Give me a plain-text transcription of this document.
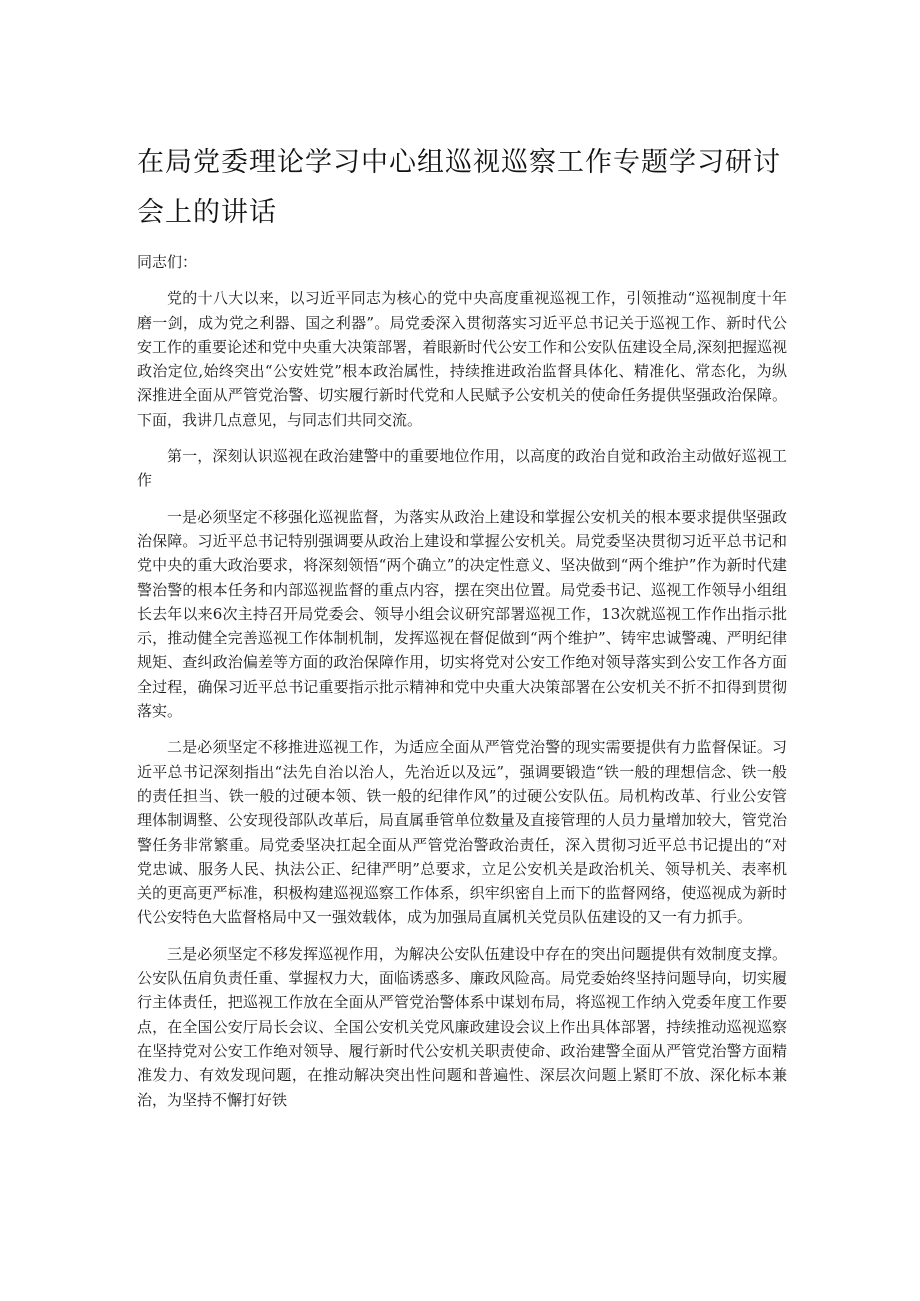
在局党委理论学习中心组巡视巡察工作专题学习研讨会上的讲话

同志们：

党的十八大以来，以习近平同志为核心的党中央高度重视巡视工作，引领推动“巡视制度十年磨一剑，成为党之利器、国之利器”。局党委深入贯彻落实习近平总书记关于巡视工作、新时代公安工作的重要论述和党中央重大决策部署，着眼新时代公安工作和公安队伍建设全局,深刻把握巡视政治定位,始终突出“公安姓党”根本政治属性，持续推进政治监督具体化、精准化、常态化，为纵深推进全面从严管党治警、切实履行新时代党和人民赋予公安机关的使命任务提供坚强政治保障。下面，我讲几点意见，与同志们共同交流。

第一，深刻认识巡视在政治建警中的重要地位作用，以高度的政治自觉和政治主动做好巡视工作

一是必须坚定不移强化巡视监督，为落实从政治上建设和掌握公安机关的根本要求提供坚强政治保障。习近平总书记特别强调要从政治上建设和掌握公安机关。局党委坚决贯彻习近平总书记和党中央的重大政治要求，将深刻领悟“两个确立”的决定性意义、坚决做到“两个维护”作为新时代建警治警的根本任务和内部巡视监督的重点内容，摆在突出位置。局党委书记、巡视工作领导小组组长去年以来6次主持召开局党委会、领导小组会议研究部署巡视工作，13次就巡视工作作出指示批示，推动健全完善巡视工作体制机制，发挥巡视在督促做到“两个维护”、铸牢忠诚警魂、严明纪律规矩、查纠政治偏差等方面的政治保障作用，切实将党对公安工作绝对领导落实到公安工作各方面全过程，确保习近平总书记重要指示批示精神和党中央重大决策部署在公安机关不折不扣得到贯彻落实。

二是必须坚定不移推进巡视工作，为适应全面从严管党治警的现实需要提供有力监督保证。习近平总书记深刻指出“法先自治以治人，先治近以及远”，强调要锻造“铁一般的理想信念、铁一般的责任担当、铁一般的过硬本领、铁一般的纪律作风”的过硬公安队伍。局机构改革、行业公安管理体制调整、公安现役部队改革后，局直属垂管单位数量及直接管理的人员力量增加较大，管党治警任务非常繁重。局党委坚决扛起全面从严管党治警政治责任，深入贯彻习近平总书记提出的“对党忠诚、服务人民、执法公正、纪律严明”总要求，立足公安机关是政治机关、领导机关、表率机关的更高更严标准，积极构建巡视巡察工作体系，织牢织密自上而下的监督网络，使巡视成为新时代公安特色大监督格局中又一强效载体，成为加强局直属机关党员队伍建设的又一有力抓手。

三是必须坚定不移发挥巡视作用，为解决公安队伍建设中存在的突出问题提供有效制度支撑。公安队伍肩负责任重、掌握权力大，面临诱惑多、廉政风险高。局党委始终坚持问题导向，切实履行主体责任，把巡视工作放在全面从严管党治警体系中谋划布局，将巡视工作纳入党委年度工作要点，在全国公安厅局长会议、全国公安机关党风廉政建设会议上作出具体部署，持续推动巡视巡察在坚持党对公安工作绝对领导、履行新时代公安机关职责使命、政治建警全面从严管党治警方面精准发力、有效发现问题，在推动解决突出性问题和普遍性、深层次问题上紧盯不放、深化标本兼治，为坚持不懈打好铁
